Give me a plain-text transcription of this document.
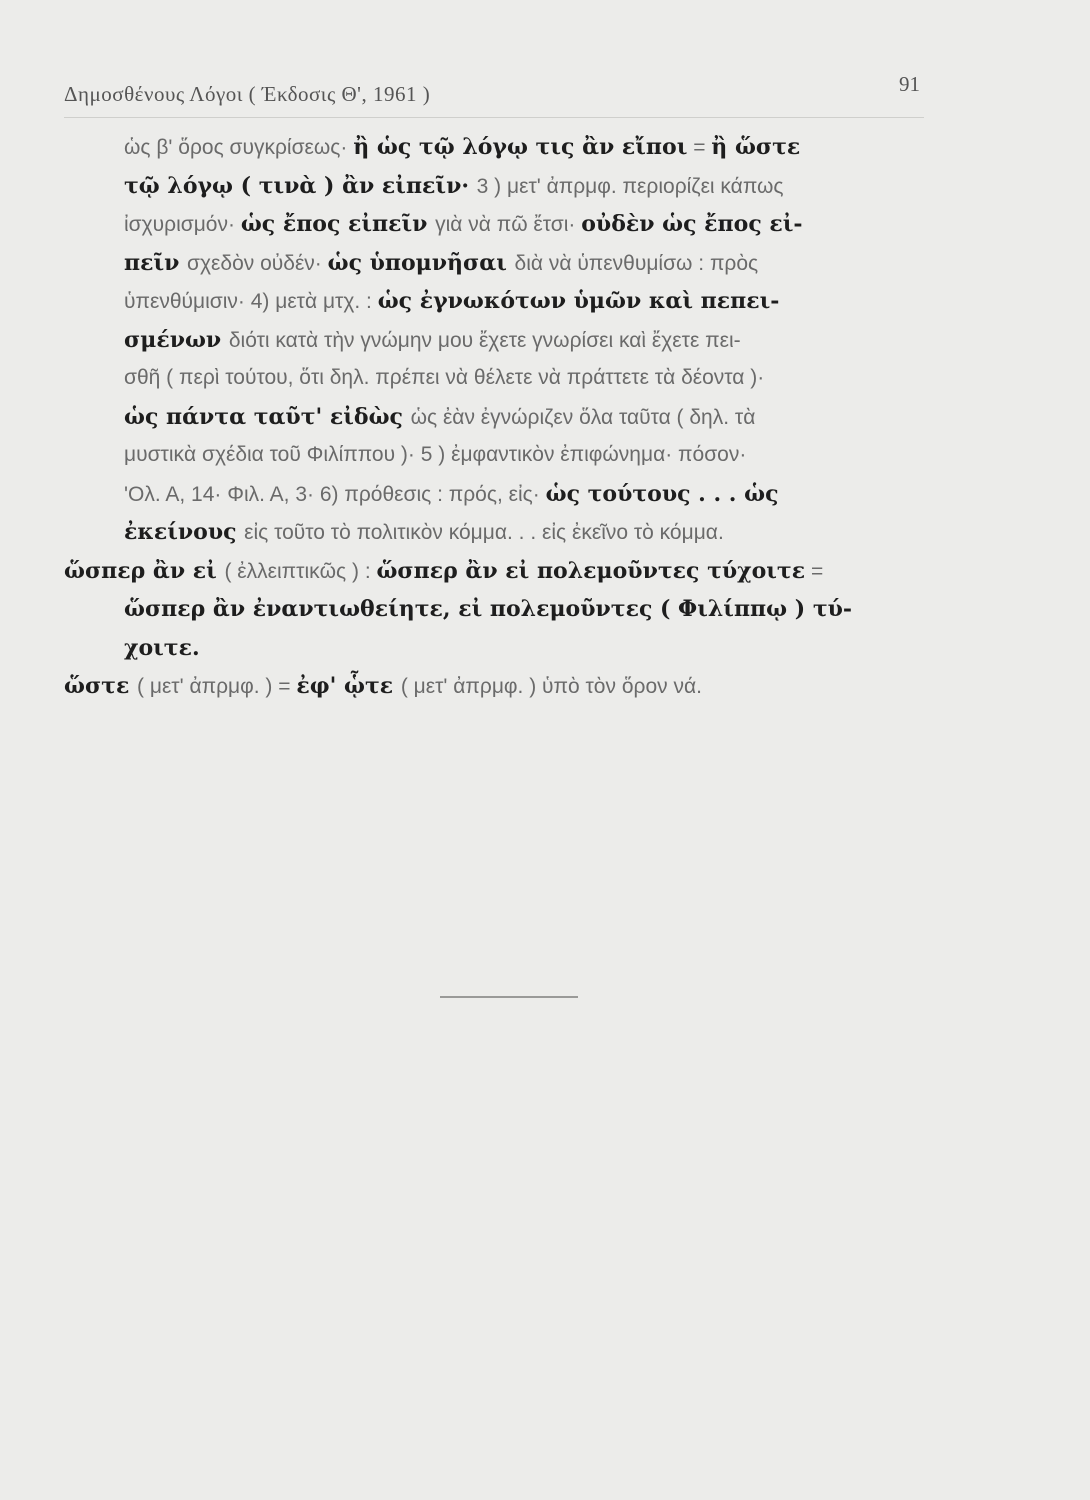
Δημοσθένους Λόγοι ( Έκδοσις Θ', 1961 )	91
ὡς β' ὅρος συγκρίσεως· ἢ ὡς τῷ λόγῳ τις ἂν εἴποι = ἢ ὥστε
τῷ λόγῳ ( τινὰ ) ἂν εἰπεῖν· 3 ) μετ' ἀπρμφ. περιορίζει κάπως
ἰσχυρισμόν· ὡς ἔπος εἰπεῖν γιὰ νὰ πῶ ἔτσι· οὐδὲν ὡς ἔπος εἰ-
πεῖν σχεδὸν οὐδέν· ὡς ὑπομνῆσαι διὰ νὰ ὑπενθυμίσω : πρὸς
ὑπενθύμισιν· 4) μετὰ μτχ. : ὡς ἐγνωκότων ὑμῶν καὶ πεπει-
σμένων διότι κατὰ τὴν γνώμην μου ἔχετε γνωρίσει καὶ ἔχετε πει-
σθῆ ( περὶ τούτου, ὅτι δηλ. πρέπει νὰ θέλετε νὰ πράττετε τὰ δέοντα )·
ὡς πάντα ταῦτ' εἰδὼς ὡς ἐὰν ἐγνώριζεν ὅλα ταῦτα ( δηλ. τὰ
μυστικὰ σχέδια τοῦ Φιλίππου )· 5 ) ἐμφαντικὸν ἐπιφώνημα· πόσον·
'Ολ. Α, 14· Φιλ. Α, 3· 6) πρόθεσις : πρός, εἰς· ὡς τούτους . . . ὡς
ἐκείνους εἰς τοῦτο τὸ πολιτικὸν κόμμα. . . εἰς ἐκεῖνο τὸ κόμμα.
ὥσπερ ἂν εἰ ( ἐλλειπτικῶς ) : ὥσπερ ἂν εἰ πολεμοῦντες τύχοιτε =
ὥσπερ ἂν ἐναντιωθείητε, εἰ πολεμοῦντες ( Φιλίππῳ ) τύ-
χοιτε.
ὥστε ( μετ' ἀπρμφ. ) = ἐφ' ᾧτε ( μετ' ἀπρμφ. ) ὑπὸ τὸν ὅρον νά.
